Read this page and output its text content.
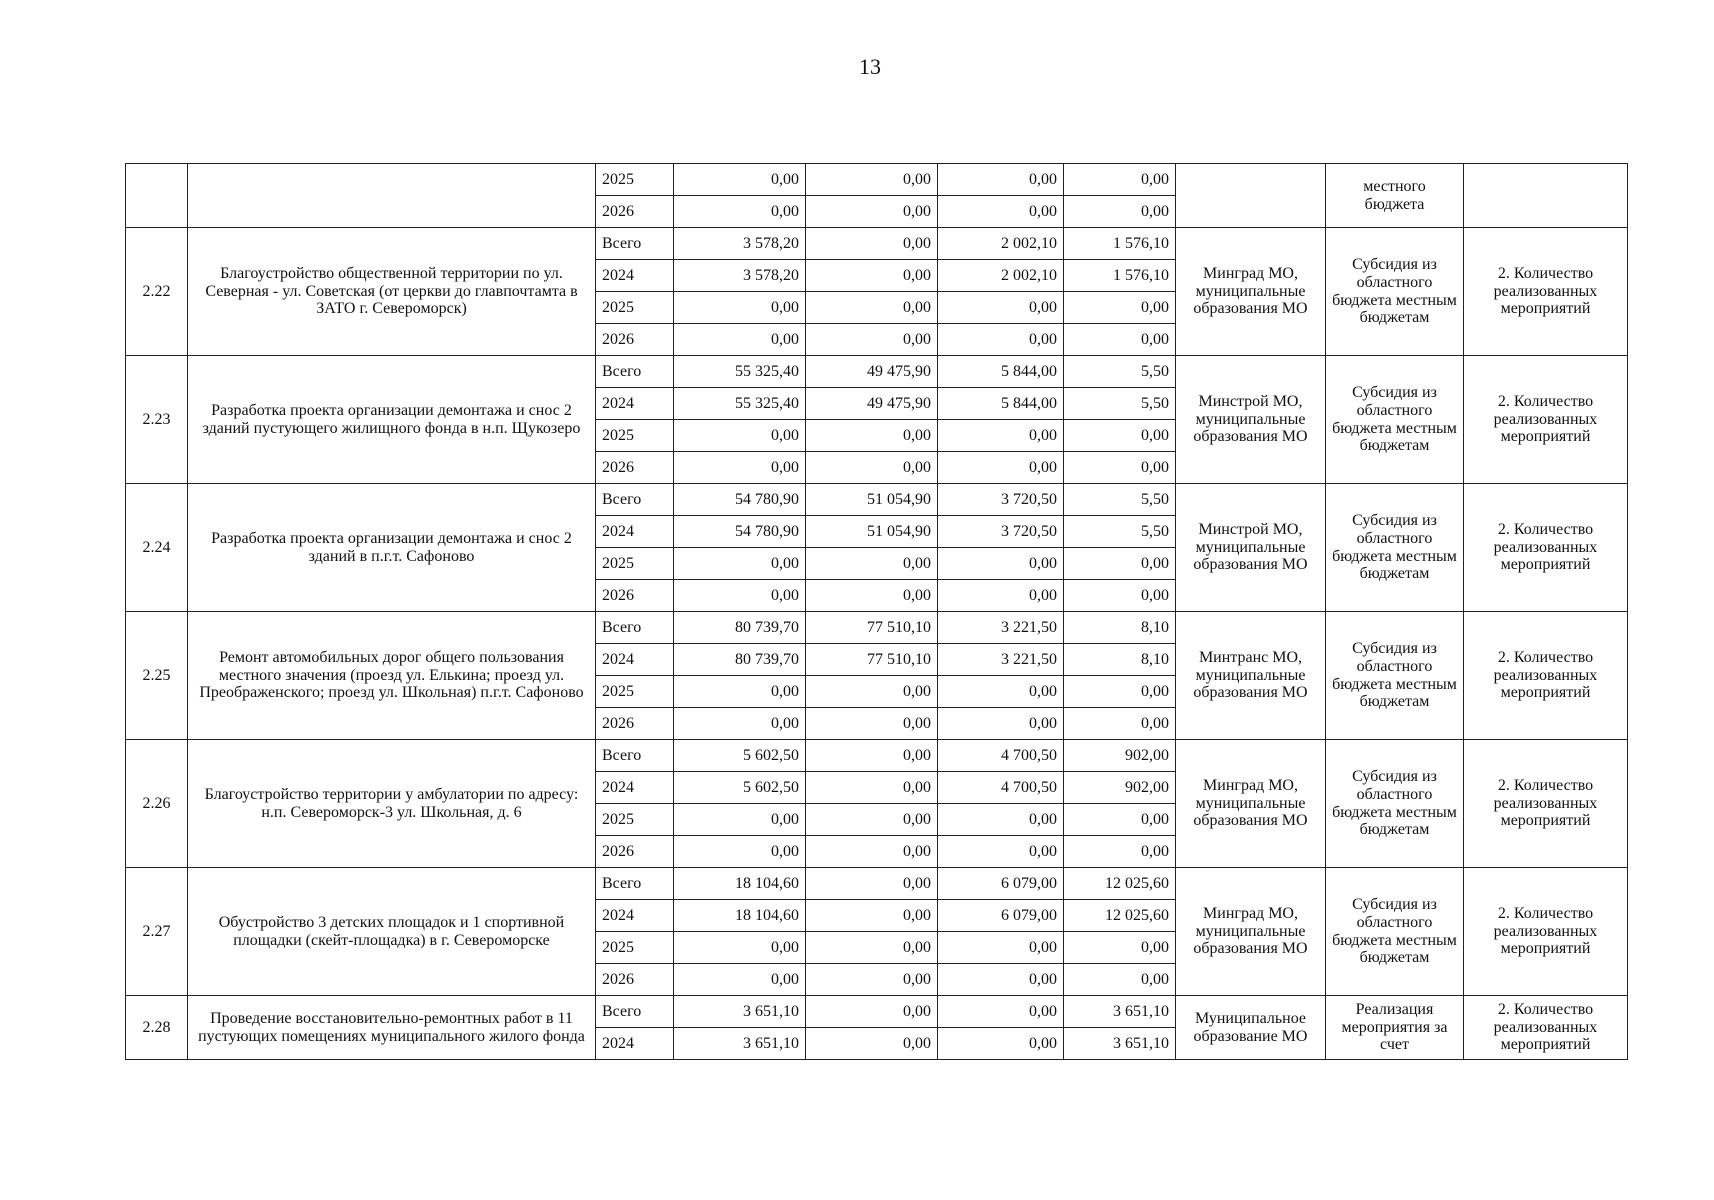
13
		2025	0,00	0,00	0,00	0,00		местного бюджета	
		2026	0,00	0,00	0,00	0,00			
2.22	Благоустройство общественной территории по ул. Северная - ул. Советская (от церкви до главпочтамта в ЗАТО г. Североморск)	Всего	3 578,20	0,00	2 002,10	1 576,10	Минград МО, муниципальные образования МО	Субсидия из областного бюджета местным бюджетам	2. Количество реализованных мероприятий
		2024	3 578,20	0,00	2 002,10	1 576,10			
		2025	0,00	0,00	0,00	0,00			
		2026	0,00	0,00	0,00	0,00			
2.23	Разработка проекта организации демонтажа и снос 2 зданий пустующего жилищного фонда в н.п. Щукозеро	Всего	55 325,40	49 475,90	5 844,00	5,50	Минстрой МО, муниципальные образования МО	Субсидия из областного бюджета местным бюджетам	2. Количество реализованных мероприятий
		2024	55 325,40	49 475,90	5 844,00	5,50			
		2025	0,00	0,00	0,00	0,00			
		2026	0,00	0,00	0,00	0,00			
2.24	Разработка проекта организации демонтажа и снос 2 зданий в п.г.т. Сафоново	Всего	54 780,90	51 054,90	3 720,50	5,50	Минстрой МО, муниципальные образования МО	Субсидия из областного бюджета местным бюджетам	2. Количество реализованных мероприятий
		2024	54 780,90	51 054,90	3 720,50	5,50			
		2025	0,00	0,00	0,00	0,00			
		2026	0,00	0,00	0,00	0,00			
2.25	Ремонт автомобильных дорог общего пользования местного значения (проезд ул. Елькина; проезд ул. Преображенского; проезд ул. Школьная) п.г.т. Сафоново	Всего	80 739,70	77 510,10	3 221,50	8,10	Минтранс МО, муниципальные образования МО	Субсидия из областного бюджета местным бюджетам	2. Количество реализованных мероприятий
		2024	80 739,70	77 510,10	3 221,50	8,10			
		2025	0,00	0,00	0,00	0,00			
		2026	0,00	0,00	0,00	0,00			
2.26	Благоустройство территории у амбулатории по адресу: н.п. Североморск-3 ул. Школьная, д. 6	Всего	5 602,50	0,00	4 700,50	902,00	Минград МО, муниципальные образования МО	Субсидия из областного бюджета местным бюджетам	2. Количество реализованных мероприятий
		2024	5 602,50	0,00	4 700,50	902,00			
		2025	0,00	0,00	0,00	0,00			
		2026	0,00	0,00	0,00	0,00			
2.27	Обустройство 3 детских площадок и 1 спортивной площадки (скейт-площадка) в г. Североморске	Всего	18 104,60	0,00	6 079,00	12 025,60	Минград МО, муниципальные образования МО	Субсидия из областного бюджета местным бюджетам	2. Количество реализованных мероприятий
		2024	18 104,60	0,00	6 079,00	12 025,60			
		2025	0,00	0,00	0,00	0,00			
		2026	0,00	0,00	0,00	0,00			
2.28	Проведение восстановительно-ремонтных работ в 11 пустующих помещениях муниципального жилого фонда	Всего	3 651,10	0,00	0,00	3 651,10	Муниципальное образование МО	Реализация мероприятия за счет	2. Количество реализованных мероприятий
		2024	3 651,10	0,00	0,00	3 651,10			
